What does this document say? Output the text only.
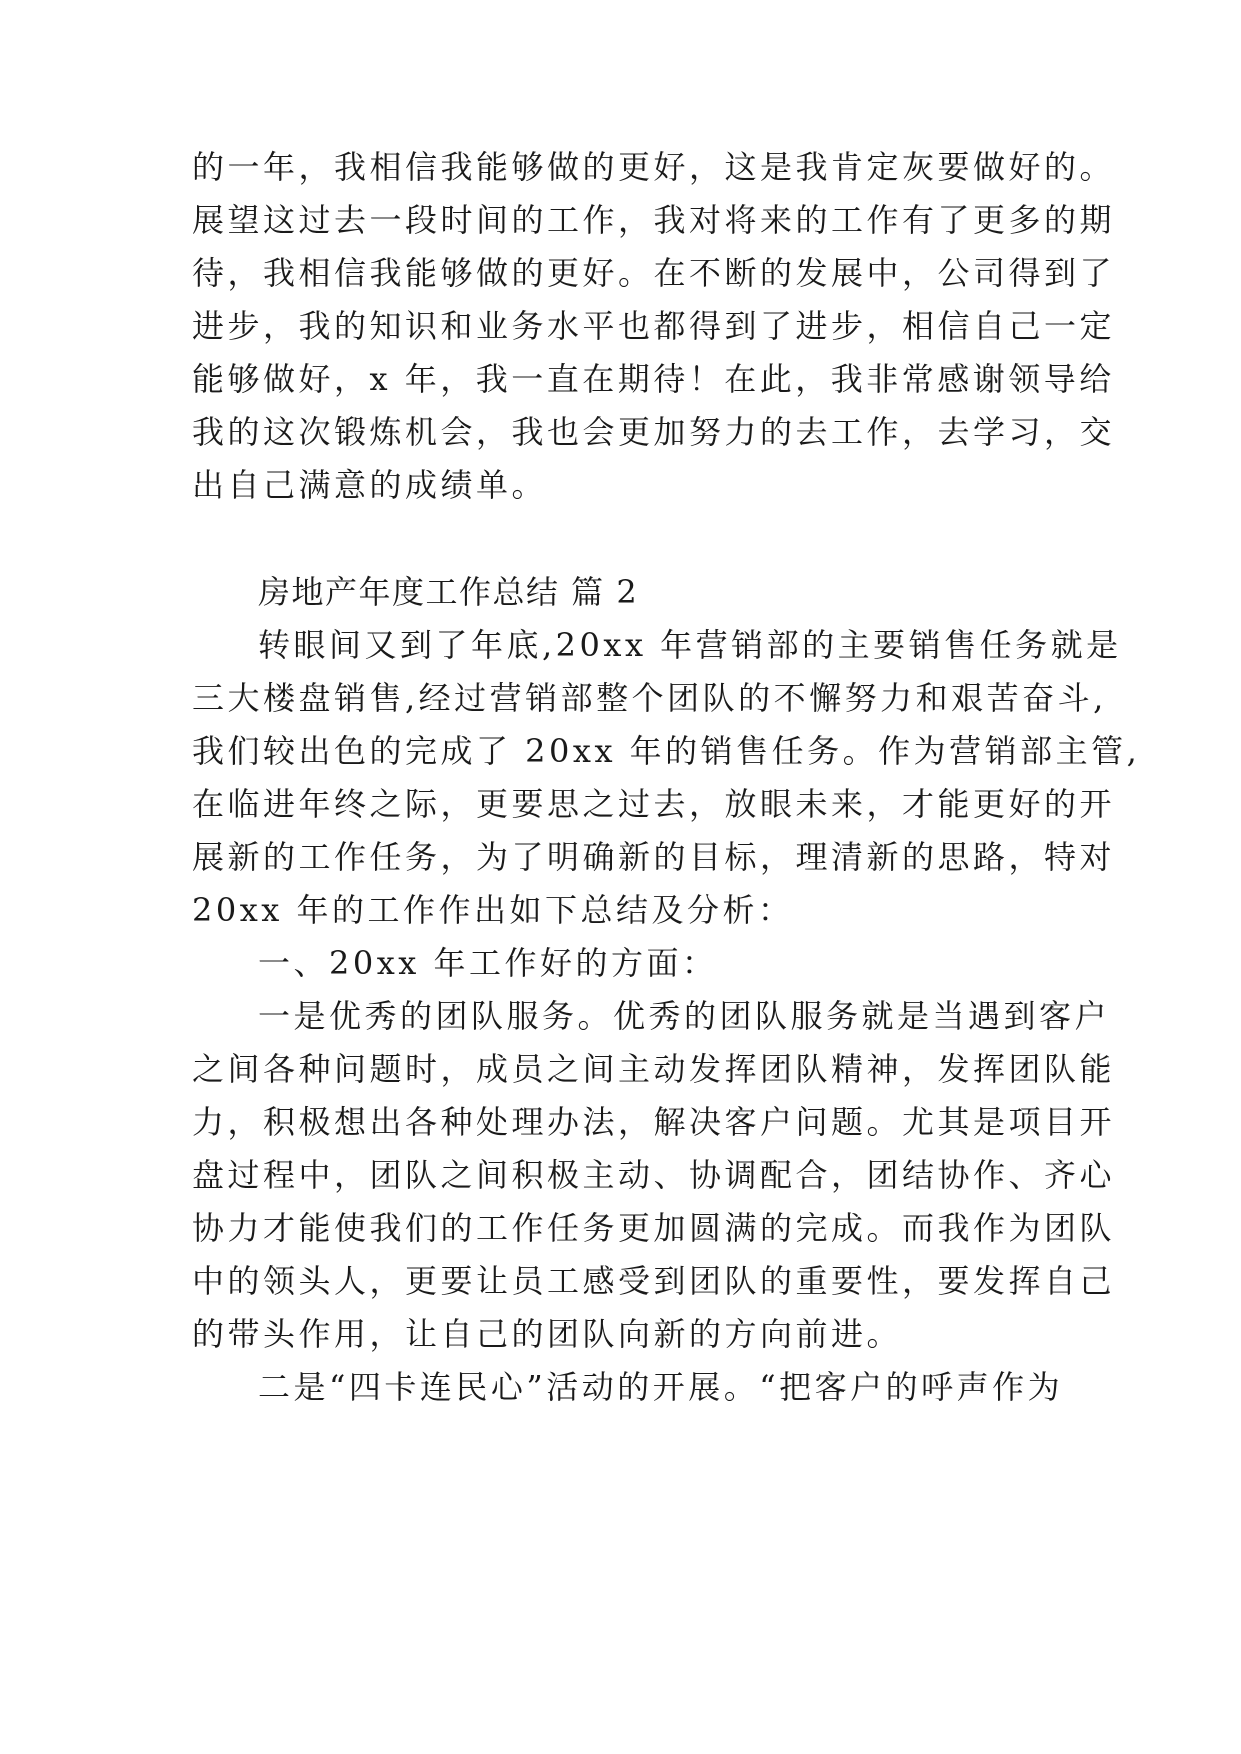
的一年，我相信我能够做的更好，这是我肯定灰要做好的。
展望这过去一段时间的工作，我对将来的工作有了更多的期
待，我相信我能够做的更好。在不断的发展中，公司得到了
进步，我的知识和业务水平也都得到了进步，相信自己一定
能够做好，x 年，我一直在期待！在此，我非常感谢领导给
我的这次锻炼机会，我也会更加努力的去工作，去学习，交
出自己满意的成绩单。
房地产年度工作总结 篇 2
转眼间又到了年底,20xx 年营销部的主要销售任务就是
三大楼盘销售,经过营销部整个团队的不懈努力和艰苦奋斗,
我们较出色的完成了 20xx 年的销售任务。作为营销部主管,
在临进年终之际，更要思之过去，放眼未来，才能更好的开
展新的工作任务，为了明确新的目标，理清新的思路，特对
20xx 年的工作作出如下总结及分析：
一、20xx 年工作好的方面：
一是优秀的团队服务。优秀的团队服务就是当遇到客户
之间各种问题时，成员之间主动发挥团队精神，发挥团队能
力，积极想出各种处理办法，解决客户问题。尤其是项目开
盘过程中，团队之间积极主动、协调配合，团结协作、齐心
协力才能使我们的工作任务更加圆满的完成。而我作为团队
中的领头人，更要让员工感受到团队的重要性，要发挥自己
的带头作用，让自己的团队向新的方向前进。
二是“四卡连民心”活动的开展。“把客户的呼声作为
